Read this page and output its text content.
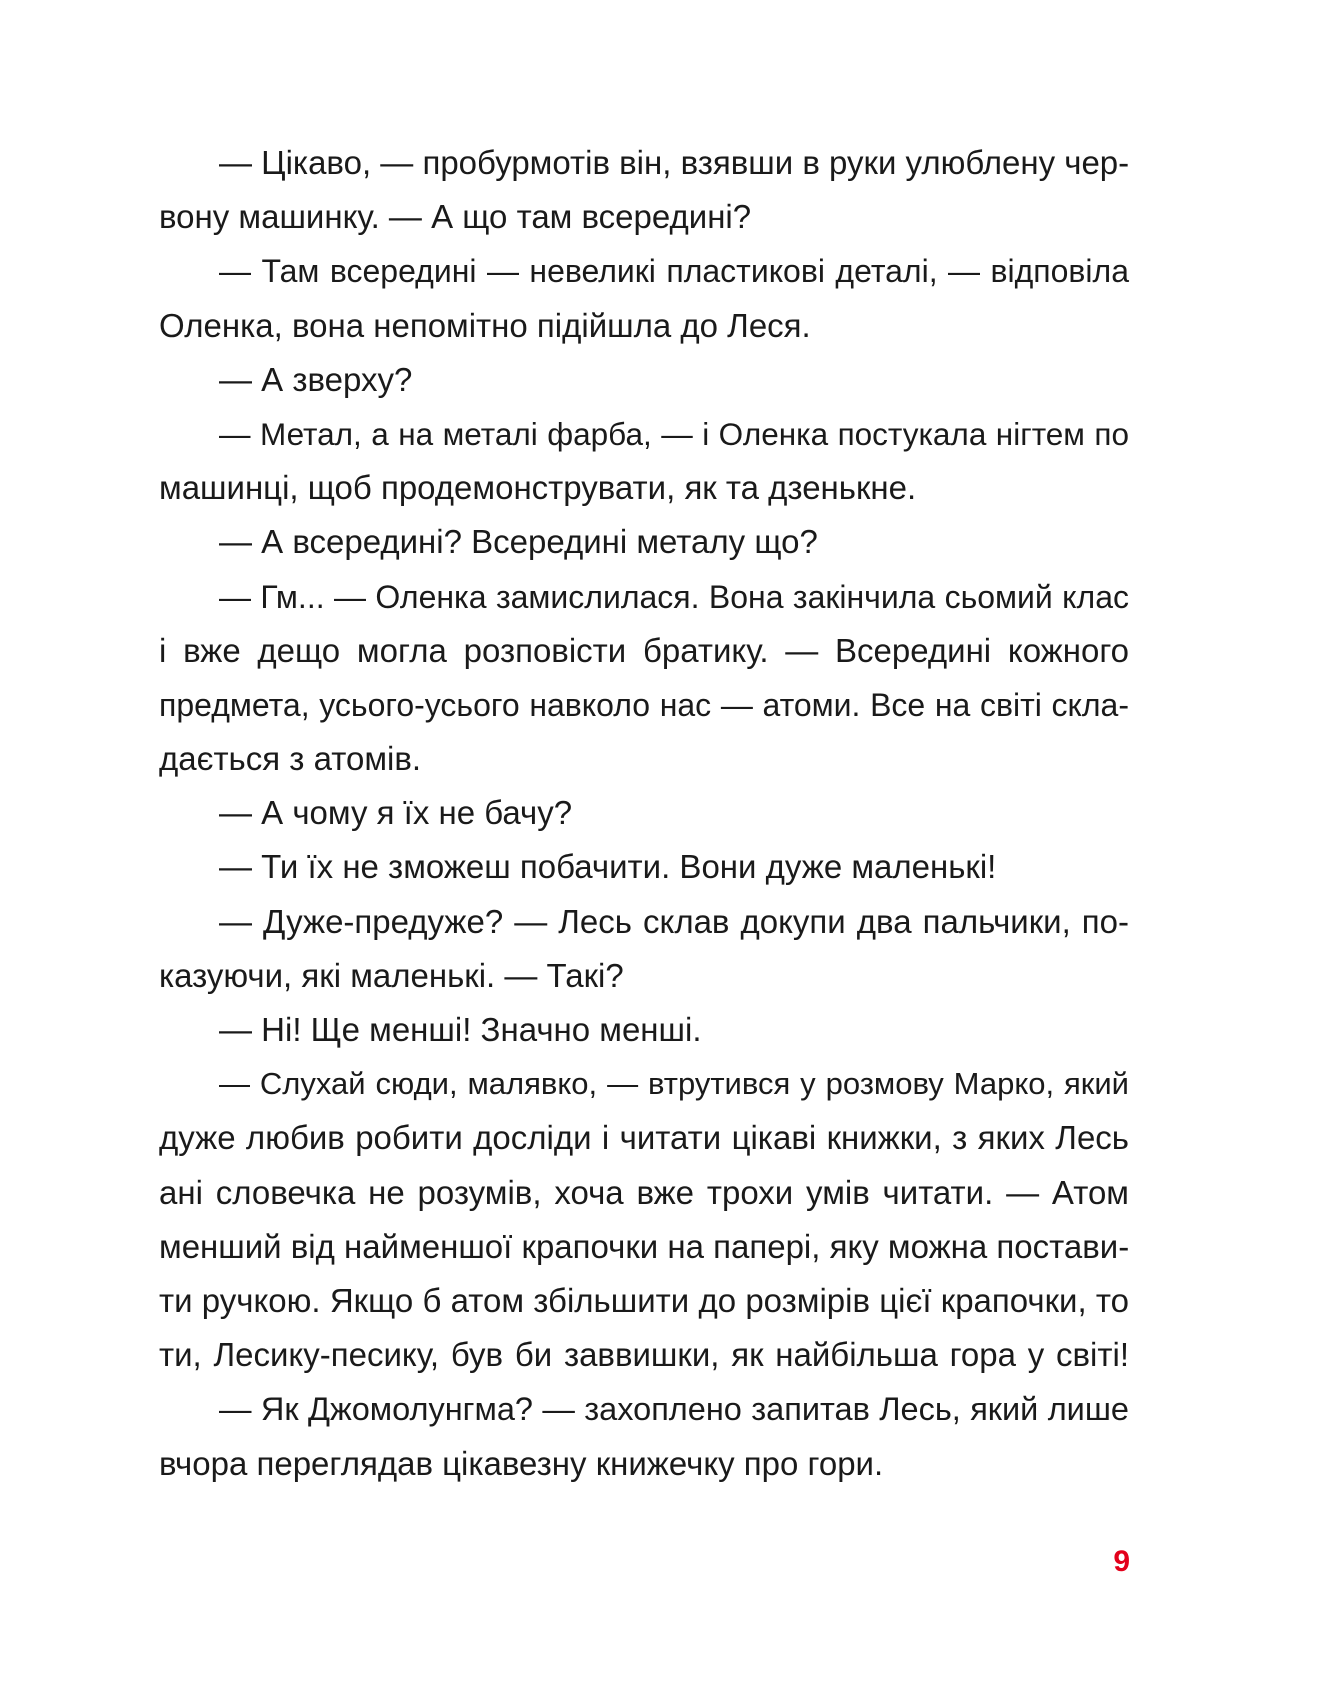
— Цікаво, — пробурмотів він, взявши в руки улюблену чер-
вону машинку. — А що там всередині?
— Там всередині — невеликі пластикові деталі, — відповіла
Оленка, вона непомітно підійшла до Леся.
— А зверху?
— Метал, а на металі фарба, — і Оленка постукала нігтем по
машинці, щоб продемонструвати, як та дзенькне.
— А всередині? Всередині металу що?
— Гм... — Оленка замислилася. Вона закінчила сьомий клас
і вже дещо могла розповісти братику. — Всередині кожного
предмета, усього-усього навколо нас — атоми. Все на світі скла-
дається з атомів.
— А чому я їх не бачу?
— Ти їх не зможеш побачити. Вони дуже маленькі!
— Дуже-предуже? — Лесь склав докупи два пальчики, по-
казуючи, які маленькі. — Такі?
— Ні! Ще менші! Значно менші.
— Слухай сюди, малявко, — втрутився у розмову Марко, який
дуже любив робити досліди і читати цікаві книжки, з яких Лесь
ані словечка не розумів, хоча вже трохи умів читати. — Атом
менший від найменшої крапочки на папері, яку можна постави-
ти ручкою. Якщо б атом збільшити до розмірів цієї крапочки, то
ти, Лесику-песику, був би заввишки, як найбільша гора у світі!
— Як Джомолунгма? — захоплено запитав Лесь, який лише
вчора переглядав цікавезну книжечку про гори.
9
